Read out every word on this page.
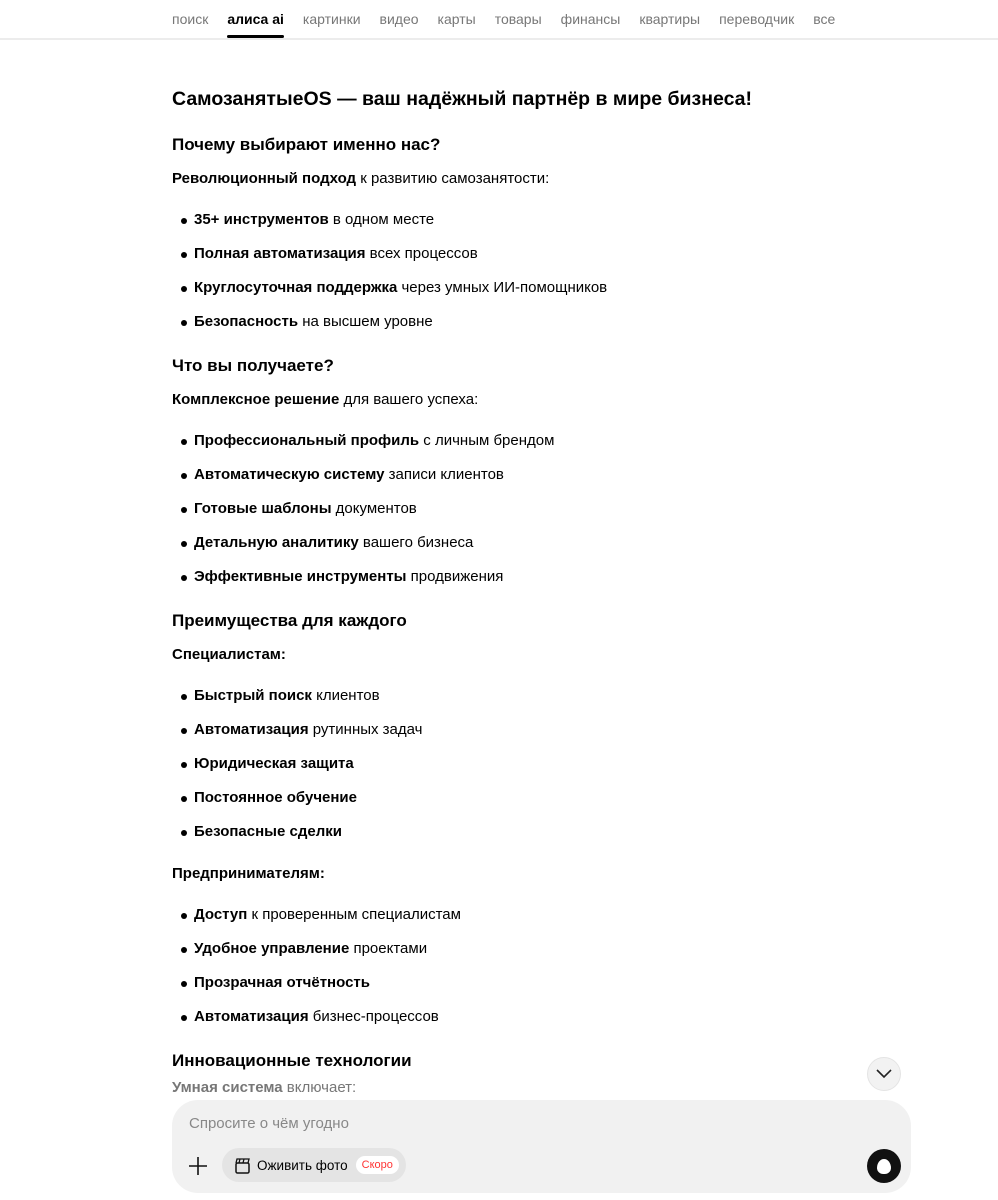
поиск алиса ai картинки видео карты товары финансы квартиры переводчик все
СамозанятыеOS — ваш надёжный партнёр в мире бизнеса!
Почему выбирают именно нас?
Революционный подход к развитию самозанятости:
35+ инструментов в одном месте
Полная автоматизация всех процессов
Круглосуточная поддержка через умных ИИ-помощников
Безопасность на высшем уровне
Что вы получаете?
Комплексное решение для вашего успеха:
Профессиональный профиль с личным брендом
Автоматическую систему записи клиентов
Готовые шаблоны документов
Детальную аналитику вашего бизнеса
Эффективные инструменты продвижения
Преимущества для каждого
Специалистам:
Быстрый поиск клиентов
Автоматизация рутинных задач
Юридическая защита
Постоянное обучение
Безопасные сделки
Предпринимателям:
Доступ к проверенным специалистам
Удобное управление проектами
Прозрачная отчётность
Автоматизация бизнес-процессов
Инновационные технологии
Умная система включает:
Спросите о чём угодно
Оживить фото	Скоро
